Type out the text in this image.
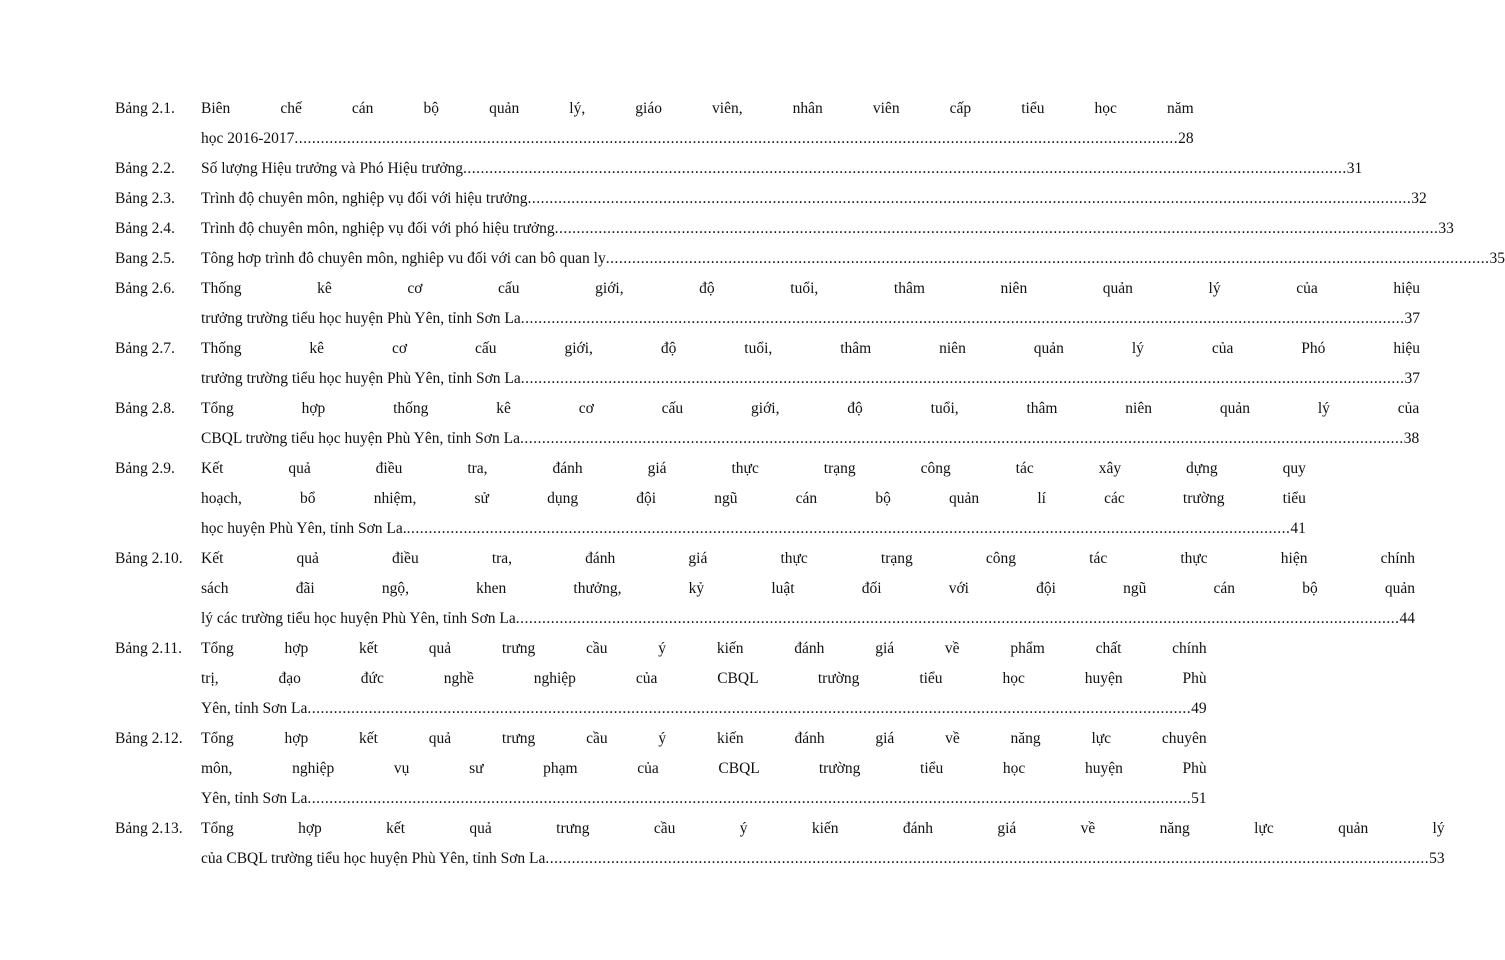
Bảng 2.1.	Biên chế cán bộ quản lý, giáo viên, nhân viên cấp tiểu học năm
học 2016-2017 .....	28
Bảng 2.2.	Số lượng Hiệu trưởng và Phó Hiệu trưởng .....	31
Bảng 2.3.	Trình độ chuyên môn, nghiệp vụ đối với hiệu trưởng .....	32
Bảng 2.4.	Trình độ chuyên môn, nghiệp vụ đối với phó hiệu trưởng .....	33
Bang 2.5.	Tông hơp trình đô chuyên môn, nghiêp vu đối với can bô quan ly .....	35
Bảng 2.6.	Thống kê cơ cấu giới, độ tuổi, thâm niên quản lý của hiệu
trưởng trường tiểu học huyện Phù Yên, tỉnh Sơn La .....	37
Bảng 2.7.	Thống kê cơ cấu giới, độ tuổi, thâm niên quản lý của Phó hiệu
trưởng trường tiểu học huyện Phù Yên, tỉnh Sơn La .....	37
Bảng 2.8.	Tổng hợp thống kê cơ cấu giới, độ tuổi, thâm niên quản lý của
CBQL trường tiểu học huyện Phù Yên, tỉnh Sơn La .....	38
Bảng 2.9.	Kết quả điều tra, đánh giá thực trạng công tác xây dựng quy
hoạch, bổ nhiệm, sử dụng đội ngũ cán bộ quản lí các trường tiểu
học huyện Phù Yên, tỉnh Sơn La. .....	41
Bảng 2.10.	Kết quả điều tra, đánh giá thực trạng công tác thực hiện chính
sách đãi ngộ, khen thưởng, kỷ luật đối với đội ngũ cán bộ quản
lý các trường tiểu học huyện Phù Yên, tỉnh Sơn La .....	44
Bảng 2.11.	Tổng hợp kết quả trưng cầu ý kiến đánh giá về phẩm chất chính
trị, đạo đức nghề nghiệp của CBQL trường tiểu học huyện Phù
Yên, tỉnh Sơn La .....	49
Bảng 2.12.	Tổng hợp kết quả trưng cầu ý kiến đánh giá về năng lực chuyên
môn, nghiệp vụ sư phạm của CBQL trường tiểu học huyện Phù
Yên, tỉnh Sơn La .....	51
Bảng 2.13.	Tổng hợp kết quả trưng cầu ý kiến đánh giá về năng lực quản lý
của CBQL trường tiểu học huyện Phù Yên, tỉnh Sơn La .....	53
